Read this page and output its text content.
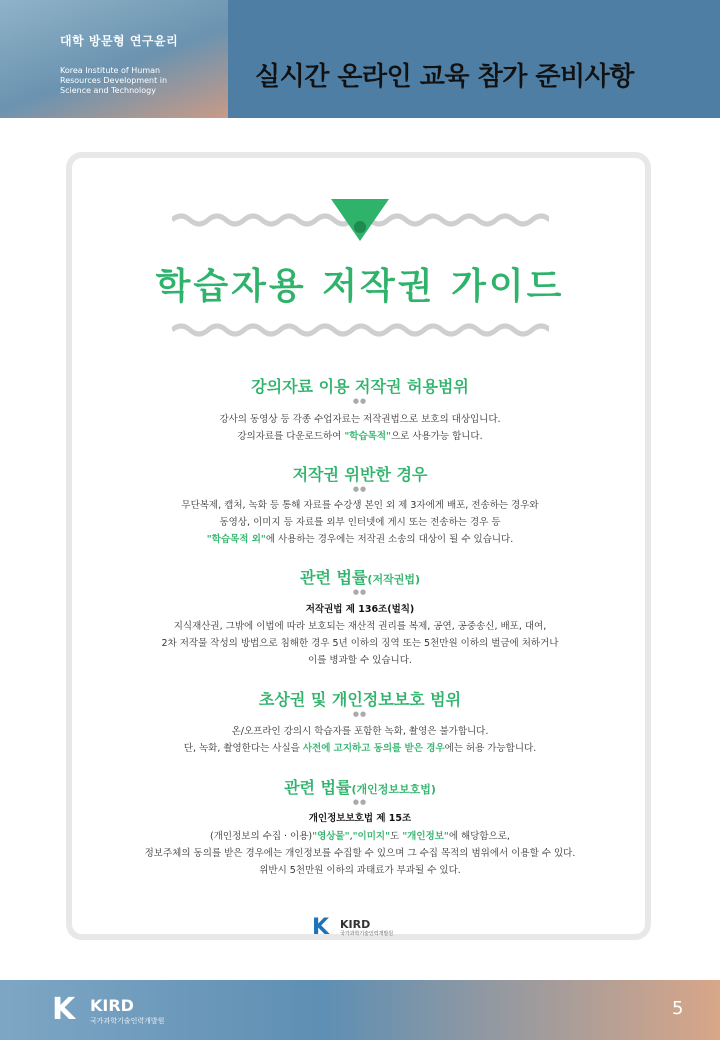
대학 방문형 연구윤리
Korea Institute of Human
Resources Development in
Science and Technology	실시간 온라인 교육 참가 준비사항
학습자용 저작권 가이드
강의자료 이용 저작권 허용범위
●●
강사의 동영상 등 각종 수업자료는 저작권법으로 보호의 대상입니다.
강의자료를 다운로드하여 "학습목적"으로 사용가능 합니다.
저작권 위반한 경우
●●
무단복제, 캡처, 녹화 등 통해 자료를 수강생 본인 외 제 3자에게 배포, 전송하는 경우와
동영상, 이미지 등 자료를 외부 인터넷에 게시 또는 전송하는 경우 등
"학습목적 외"에 사용하는 경우에는 저작권 소송의 대상이 될 수 있습니다.
관련 법률(저작권법)
●●
저작권법 제 136조(벌칙)
지식재산권, 그밖에 이법에 따라 보호되는 재산적 권리를 복제, 공연, 공중송신, 배포, 대여,
2차 저작물 작성의 방법으로 침해한 경우 5년 이하의 징역 또는 5천만원 이하의 벌금에 처하거나
이를 병과할 수 있습니다.
초상권 및 개인정보보호 범위
●●
온/오프라인 강의시 학습자를 포함한 녹화, 촬영은 불가합니다.
단, 녹화, 촬영한다는 사실을 사전에 고지하고 동의를 받은 경우에는 허용 가능합니다.
관련 법률(개인정보보호법)
●●
개인정보보호법 제 15조
(개인정보의 수집 · 이용)"영상물","이미지"도 "개인정보"에 해당함으로,
정보주체의 동의를 받은 경우에는 개인정보를 수집할 수 있으며 그 수집 목적의 범위에서 이용할 수 있다.
위반시 5천만원 이하의 과태료가 부과될 수 있다.
K KIRD
국가과학기술인력개발원
K KIRD
국가과학기술인력개발원
5
